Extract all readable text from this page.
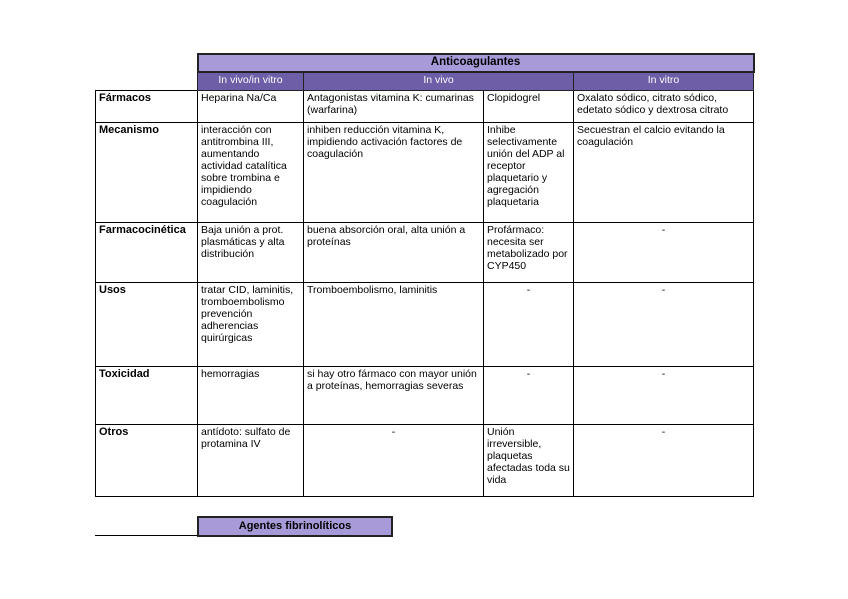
	Anticoagulantes			
	In vivo/in vitro	In vivo		In vitro
Fármacos	Heparina Na/Ca	Antagonistas vitamina K: cumarinas (warfarina)	Clopidogrel	Oxalato sódico, citrato sódico, edetato sódico y dextrosa citrato
Mecanismo	interacción con antitrombina III, aumentando actividad catalítica sobre trombina e impidiendo coagulación	inhiben reducción vitamina K, impidiendo activación factores de coagulación	Inhibe selectivamente unión del ADP al receptor plaquetario y agregación plaquetaria	Secuestran el calcio evitando la coagulación
Farmacocinética	Baja unión a prot. plasmáticas y alta distribución	buena absorción oral, alta unión a proteínas	Profármaco: necesita ser metabolizado por CYP450	-
Usos	tratar CID, laminitis, tromboembolismo prevención adherencias quirúrgicas	Tromboembolismo, laminitis	-	-
Toxicidad	hemorragias	si hay otro fármaco con mayor unión a proteínas, hemorragias severas	-	-
Otros	antídoto: sulfato de protamina IV	-	Unión irreversible, plaquetas afectadas toda su vida	-
Agentes fibrinolíticos
